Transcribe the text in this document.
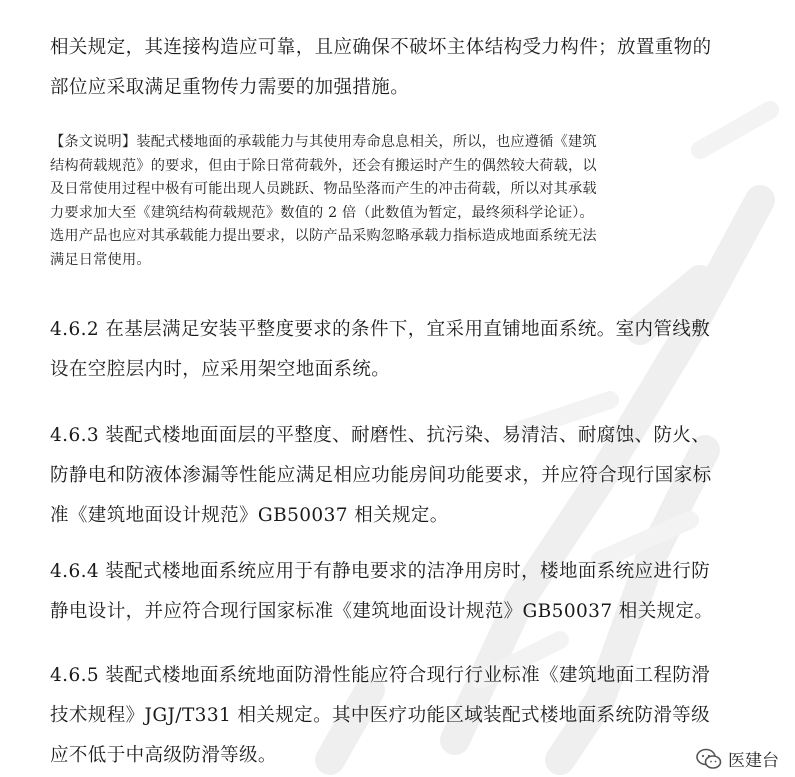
相关规定，其连接构造应可靠，且应确保不破坏主体结构受力构件；放置重物的
部位应采取满足重物传力需要的加强措施。

【条文说明】装配式楼地面的承载能力与其使用寿命息息相关，所以，也应遵循《建筑
结构荷载规范》的要求，但由于除日常荷载外，还会有搬运时产生的偶然较大荷载，以
及日常使用过程中极有可能出现人员跳跃、物品坠落而产生的冲击荷载，所以对其承载
力要求加大至《建筑结构荷载规范》数值的 2 倍（此数值为暂定，最终须科学论证）。
选用产品也应对其承载能力提出要求，以防产品采购忽略承载力指标造成地面系统无法
满足日常使用。

4.6.2 在基层满足安装平整度要求的条件下，宜采用直铺地面系统。室内管线敷
设在空腔层内时，应采用架空地面系统。

4.6.3 装配式楼地面面层的平整度、耐磨性、抗污染、易清洁、耐腐蚀、防火、
防静电和防液体渗漏等性能应满足相应功能房间功能要求，并应符合现行国家标
准《建筑地面设计规范》GB50037 相关规定。

4.6.4 装配式楼地面系统应用于有静电要求的洁净用房时，楼地面系统应进行防
静电设计，并应符合现行国家标准《建筑地面设计规范》GB50037 相关规定。

4.6.5 装配式楼地面系统地面防滑性能应符合现行行业标准《建筑地面工程防滑
技术规程》JGJ/T331 相关规定。其中医疗功能区域装配式楼地面系统防滑等级
应不低于中高级防滑等级。	医建台
